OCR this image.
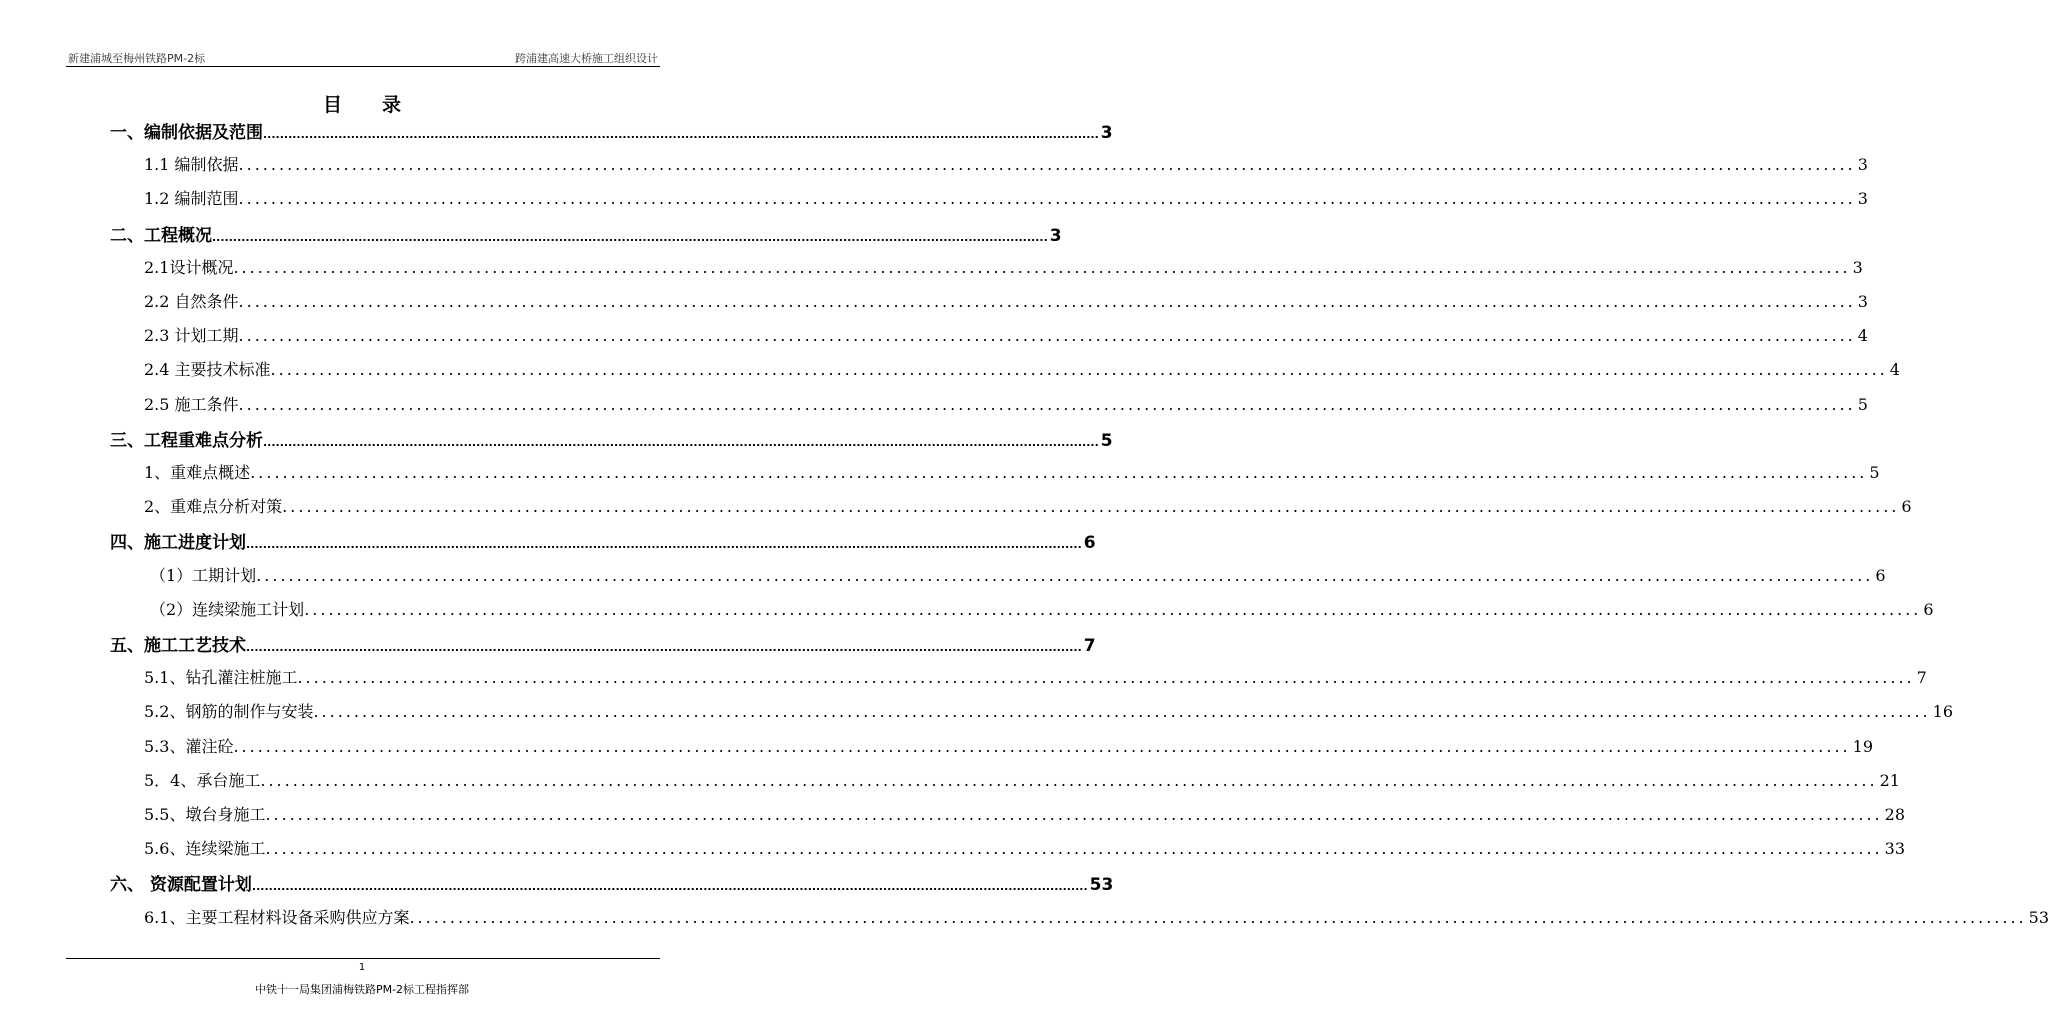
新建浦城至梅州铁路PM-2标	跨浦建高速大桥施工组织设计
目录
一、编制依据及范围 ........................................................................................................................................................................................................ 3
1.1 编制依据 ........................................................................................................................................................................................................ 3
1.2 编制范围 ........................................................................................................................................................................................................ 3
二、工程概况 ........................................................................................................................................................................................................ 3
2.1设计概况 ........................................................................................................................................................................................................ 3
2.2 自然条件 ........................................................................................................................................................................................................ 3
2.3 计划工期 ........................................................................................................................................................................................................ 4
2.4 主要技术标准 ........................................................................................................................................................................................................ 4
2.5 施工条件 ........................................................................................................................................................................................................ 5
三、工程重难点分析 ........................................................................................................................................................................................................ 5
1、重难点概述 ........................................................................................................................................................................................................ 5
2、重难点分析对策 ........................................................................................................................................................................................................ 6
四、施工进度计划 ........................................................................................................................................................................................................ 6
（1）工期计划 ........................................................................................................................................................................................................ 6
（2）连续梁施工计划 ........................................................................................................................................................................................................ 6
五、施工工艺技术 ........................................................................................................................................................................................................ 7
5.1、钻孔灌注桩施工 ........................................................................................................................................................................................................ 7
5.2、钢筋的制作与安装 ........................................................................................................................................................................................................ 16
5.3、灌注砼 ........................................................................................................................................................................................................ 19
5．4、承台施工 ........................................................................................................................................................................................................ 21
5.5、墩台身施工 ........................................................................................................................................................................................................ 28
5.6、连续梁施工 ........................................................................................................................................................................................................ 33
六、 资源配置计划 ........................................................................................................................................................................................................ 53
6.1、主要工程材料设备采购供应方案 ........................................................................................................................................................................................................ 53
1
中铁十一局集团浦梅铁路PM-2标工程指挥部
